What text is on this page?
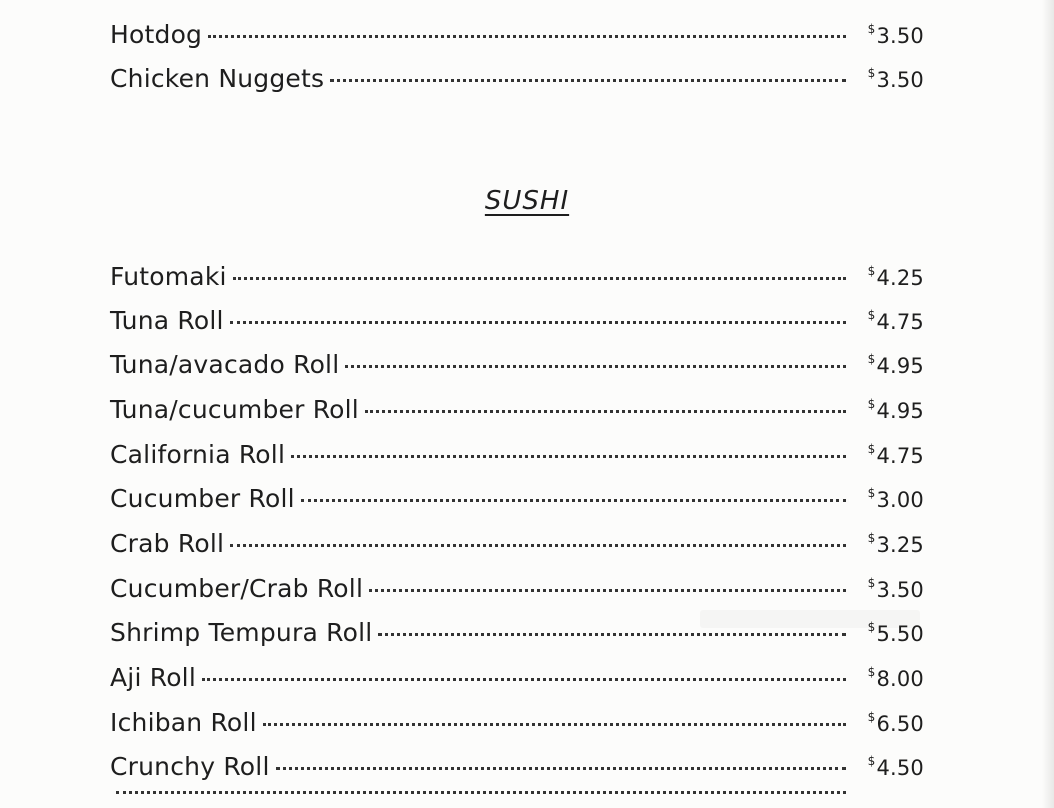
Hotdog	$3.50
Chicken Nuggets	$3.50
SUSHI
Futomaki	$4.25
Tuna Roll	$4.75
Tuna/avacado Roll	$4.95
Tuna/cucumber Roll	$4.95
California Roll	$4.75
Cucumber Roll	$3.00
Crab Roll	$3.25
Cucumber/Crab Roll	$3.50
Shrimp Tempura Roll	$5.50
Aji Roll	$8.00
Ichiban Roll	$6.50
Crunchy Roll	$4.50
